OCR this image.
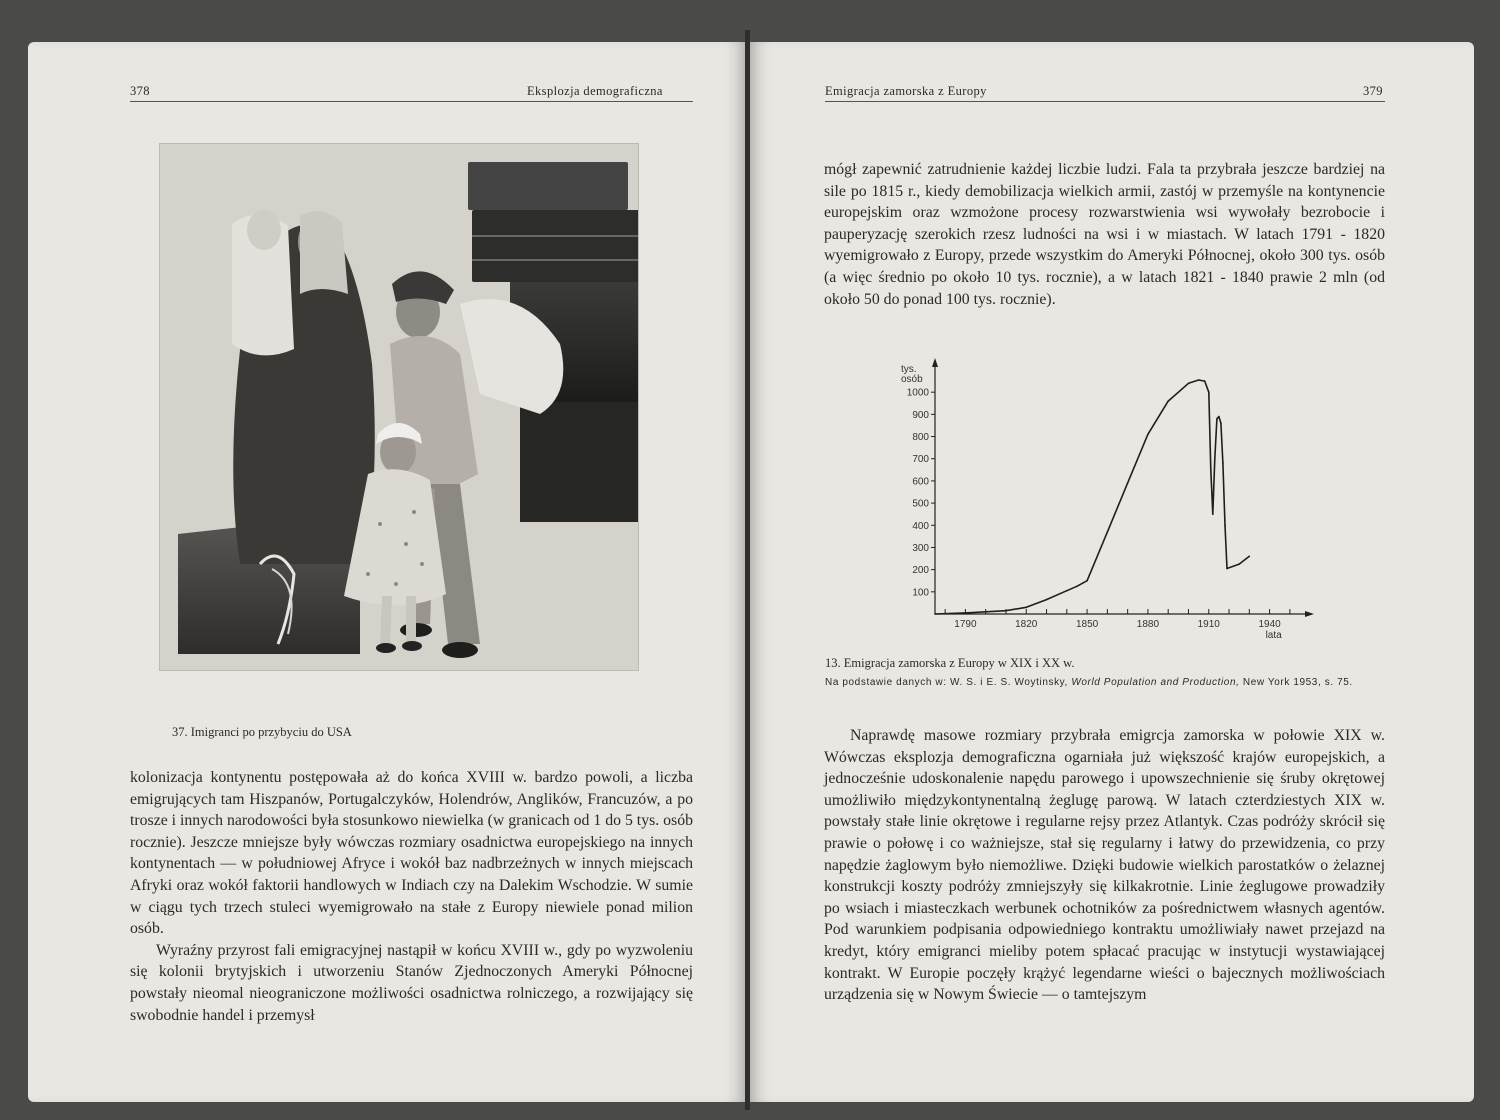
378	Eksplozja demograficzna
37. Imigranci po przybyciu do USA

kolonizacja kontynentu postępowała aż do końca XVIII w. bardzo powoli, a liczba emigrujących tam Hiszpanów, Portugalczyków, Holendrów, Anglików, Francuzów, a po trosze i innych narodowości była stosunkowo niewielka (w granicach od 1 do 5 tys. osób rocznie). Jeszcze mniejsze były wówczas rozmiary osadnictwa europejskiego na innych kontynentach — w południowej Afryce i wokół baz nadbrzeżnych w innych miejscach Afryki oraz wokół faktorii handlowych w Indiach czy na Dalekim Wschodzie. W sumie w ciągu tych trzech stuleci wyemigrowało na stałe z Europy niewiele ponad milion osób.

Wyraźny przyrost fali emigracyjnej nastąpił w końcu XVIII w., gdy po wyzwoleniu się kolonii brytyjskich i utworzeniu Stanów Zjednoczonych Ameryki Północnej powstały nieomal nieograniczone możliwości osadnictwa rolniczego, a rozwijający się swobodnie handel i przemysł

Emigracja zamorska z Europy	379

mógł zapewnić zatrudnienie każdej liczbie ludzi. Fala ta przybrała jeszcze bardziej na sile po 1815 r., kiedy demobilizacja wielkich armii, zastój w przemyśle na kontynencie europejskim oraz wzmożone procesy rozwarstwienia wsi wywołały bezrobocie i pauperyzację szerokich rzesz ludności na wsi i w miastach. W latach 1791 - 1820 wyemigrowało z Europy, przede wszystkim do Ameryki Północnej, około 300 tys. osób (a więc średnio po około 10 tys. rocznie), a w latach 1821 - 1840 prawie 2 mln (od około 50 do ponad 100 tys. rocznie).

100
200
300
400
500
600
700
800
900
1000
1790	1820	1850	1880	1910	1940
tys.
osób
lata
13. Emigracja zamorska z Europy w XIX i XX w.
Na podstawie danych w: W. S. i E. S. Woytinsky, World Population and Production, New York 1953, s. 75.

Naprawdę masowe rozmiary przybrała emigrcja zamorska w połowie XIX w. Wówczas eksplozja demograficzna ogarniała już większość krajów europejskich, a jednocześnie udoskonalenie napędu parowego i upowszechnienie się śruby okrętowej umożliwiło międzykontynentalną żeglugę parową. W latach czterdziestych XIX w. powstały stałe linie okrętowe i regularne rejsy przez Atlantyk. Czas podróży skrócił się prawie o połowę i co ważniejsze, stał się regularny i łatwy do przewidzenia, co przy napędzie żaglowym było niemożliwe. Dzięki budowie wielkich parostatków o żelaznej konstrukcji koszty podróży zmniejszyły się kilkakrotnie. Linie żeglugowe prowadziły po wsiach i miasteczkach werbunek ochotników za pośrednictwem własnych agentów. Pod warunkiem podpisania odpowiedniego kontraktu umożliwiały nawet przejazd na kredyt, który emigranci mieliby potem spłacać pracując w instytucji wystawiającej kontrakt. W Europie poczęły krążyć legendarne wieści o bajecznych możliwościach urządzenia się w Nowym Świecie — o tamtejszym
